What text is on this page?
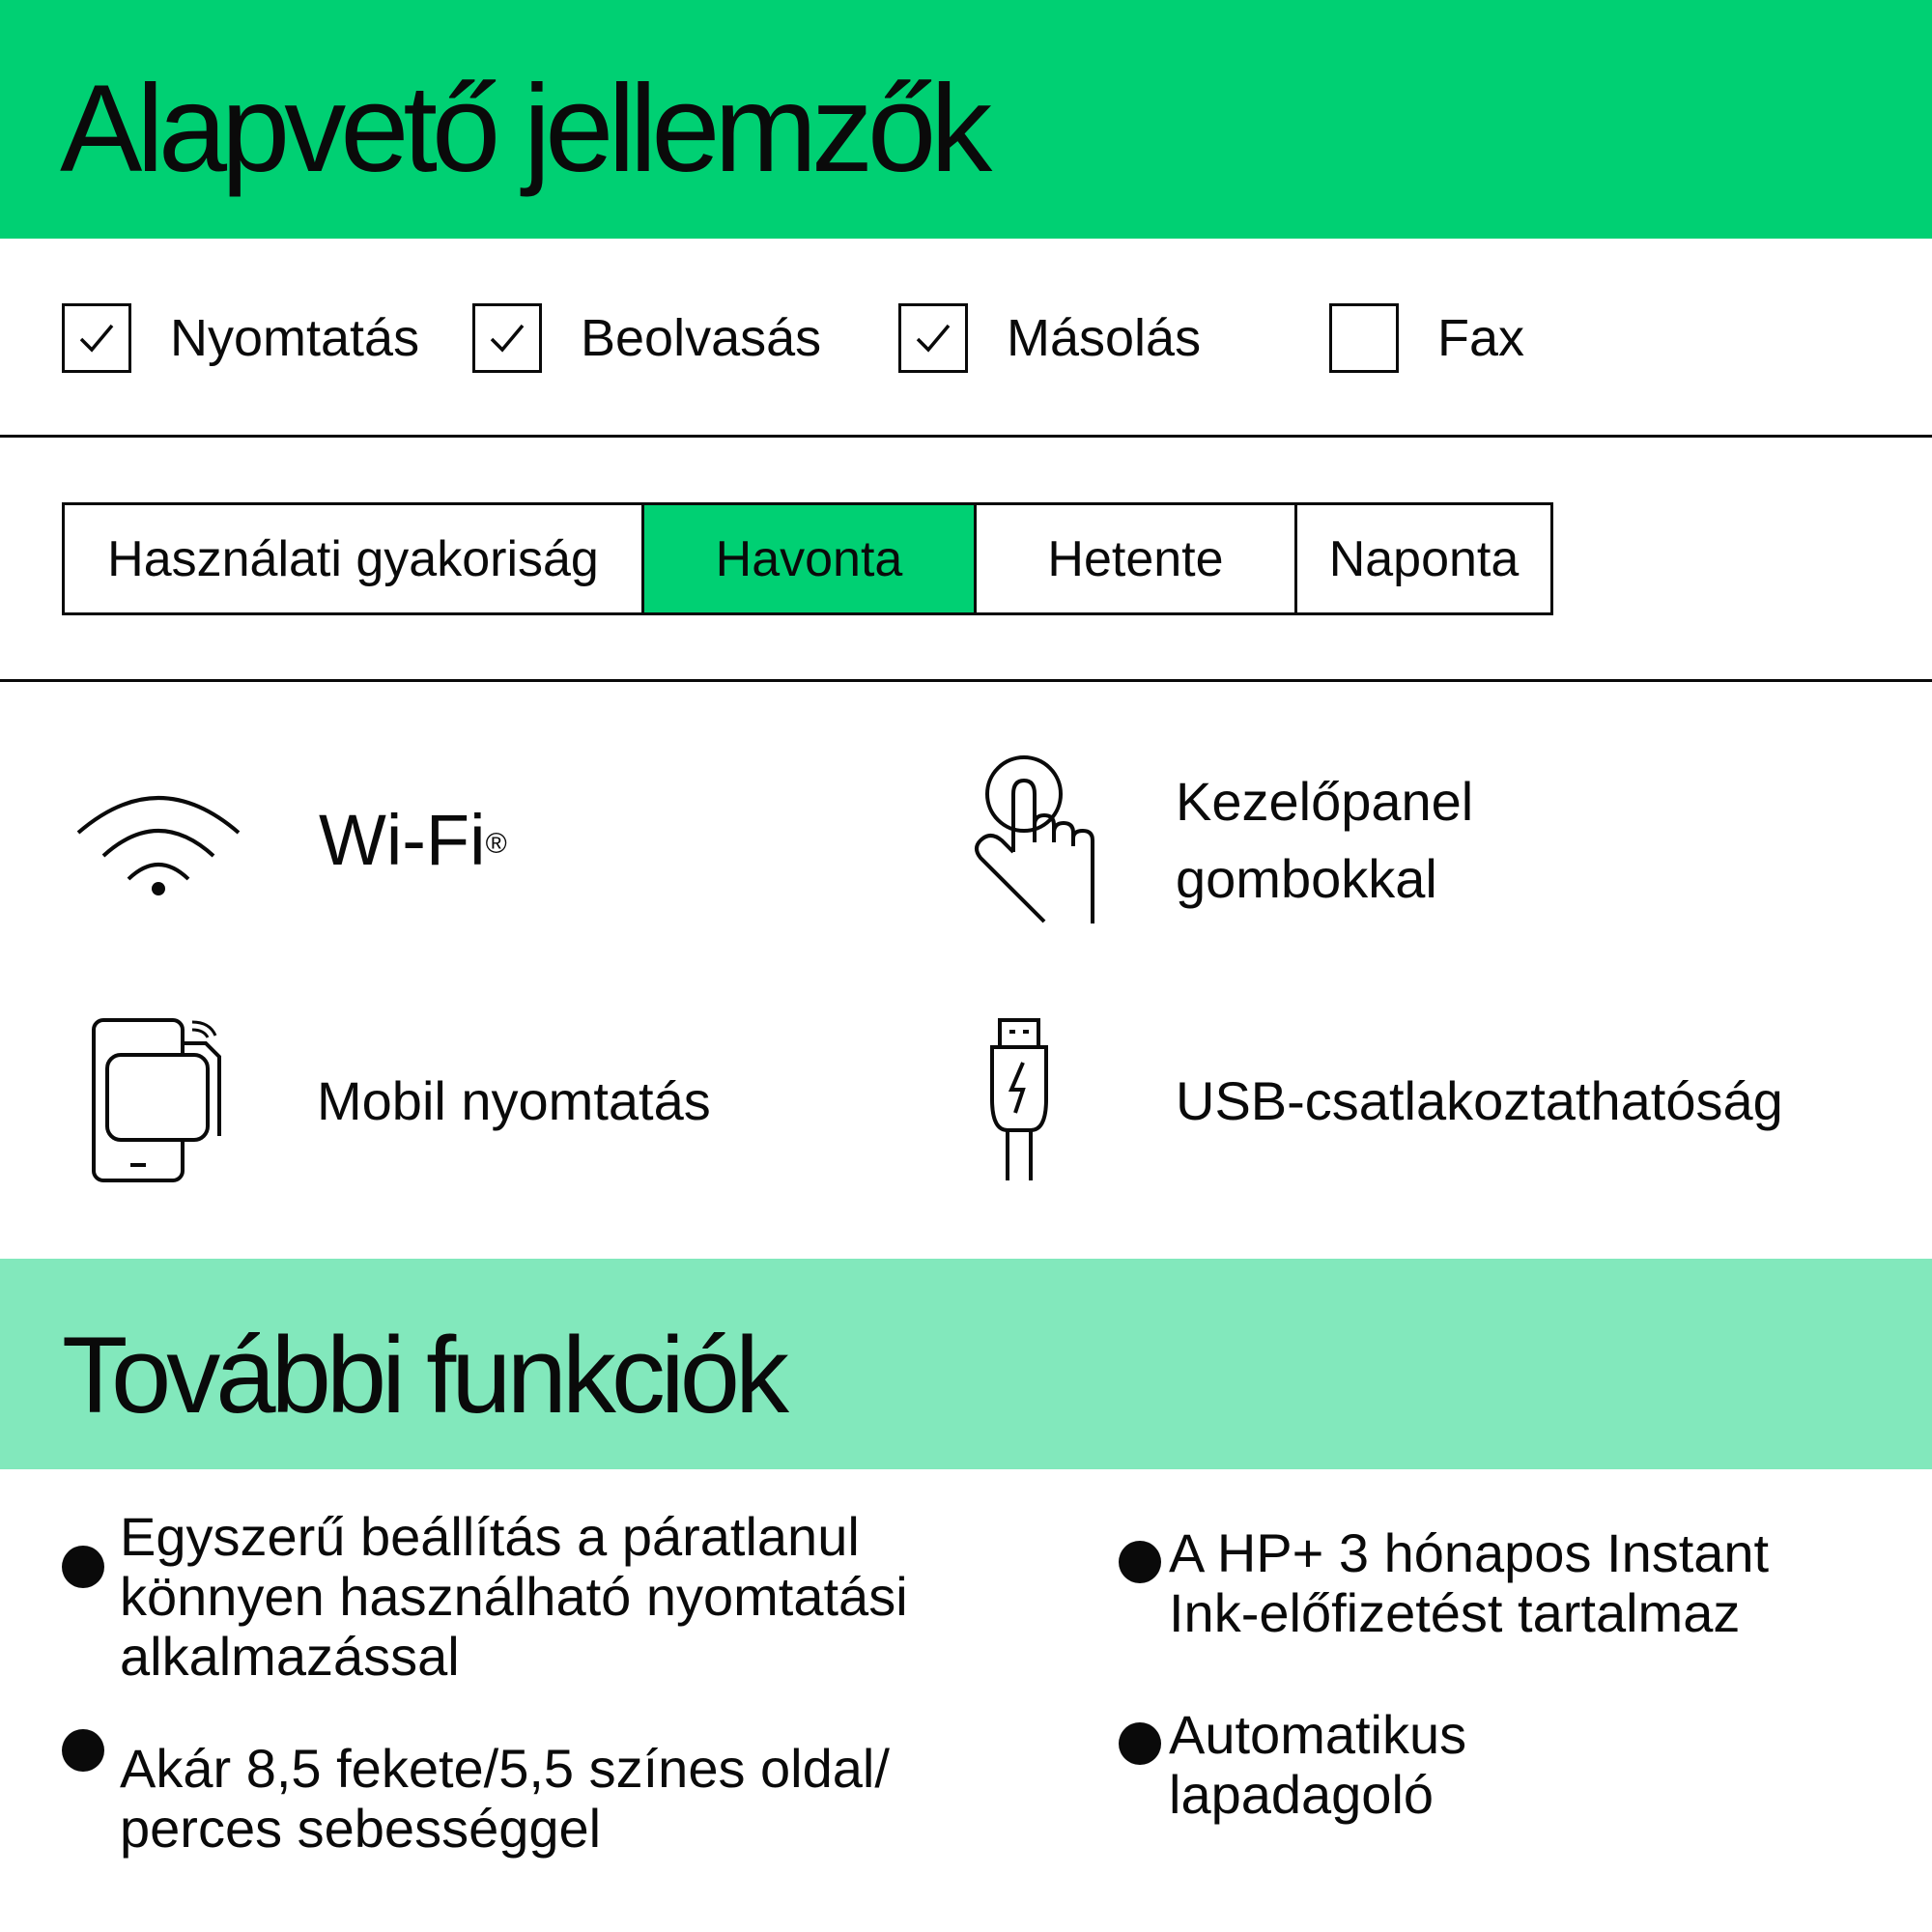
Alapvető jellemzők
Nyomtatás	Beolvasás	Másolás	Fax
Használati gyakoriság	Havonta	Hetente	Naponta
Wi-Fi®
Kezelőpanel
gombokkal
Mobil nyomtatás	USB-csatlakoztathatóság
További funkciók
Egyszerű beállítás a páratlanul könnyen használható nyomtatási alkalmazással
Akár 8,5 fekete/5,5 színes oldal/ perces sebességgel
A HP+ 3 hónapos Instant Ink-előfizetést tartalmaz
Automatikus lapadagoló
